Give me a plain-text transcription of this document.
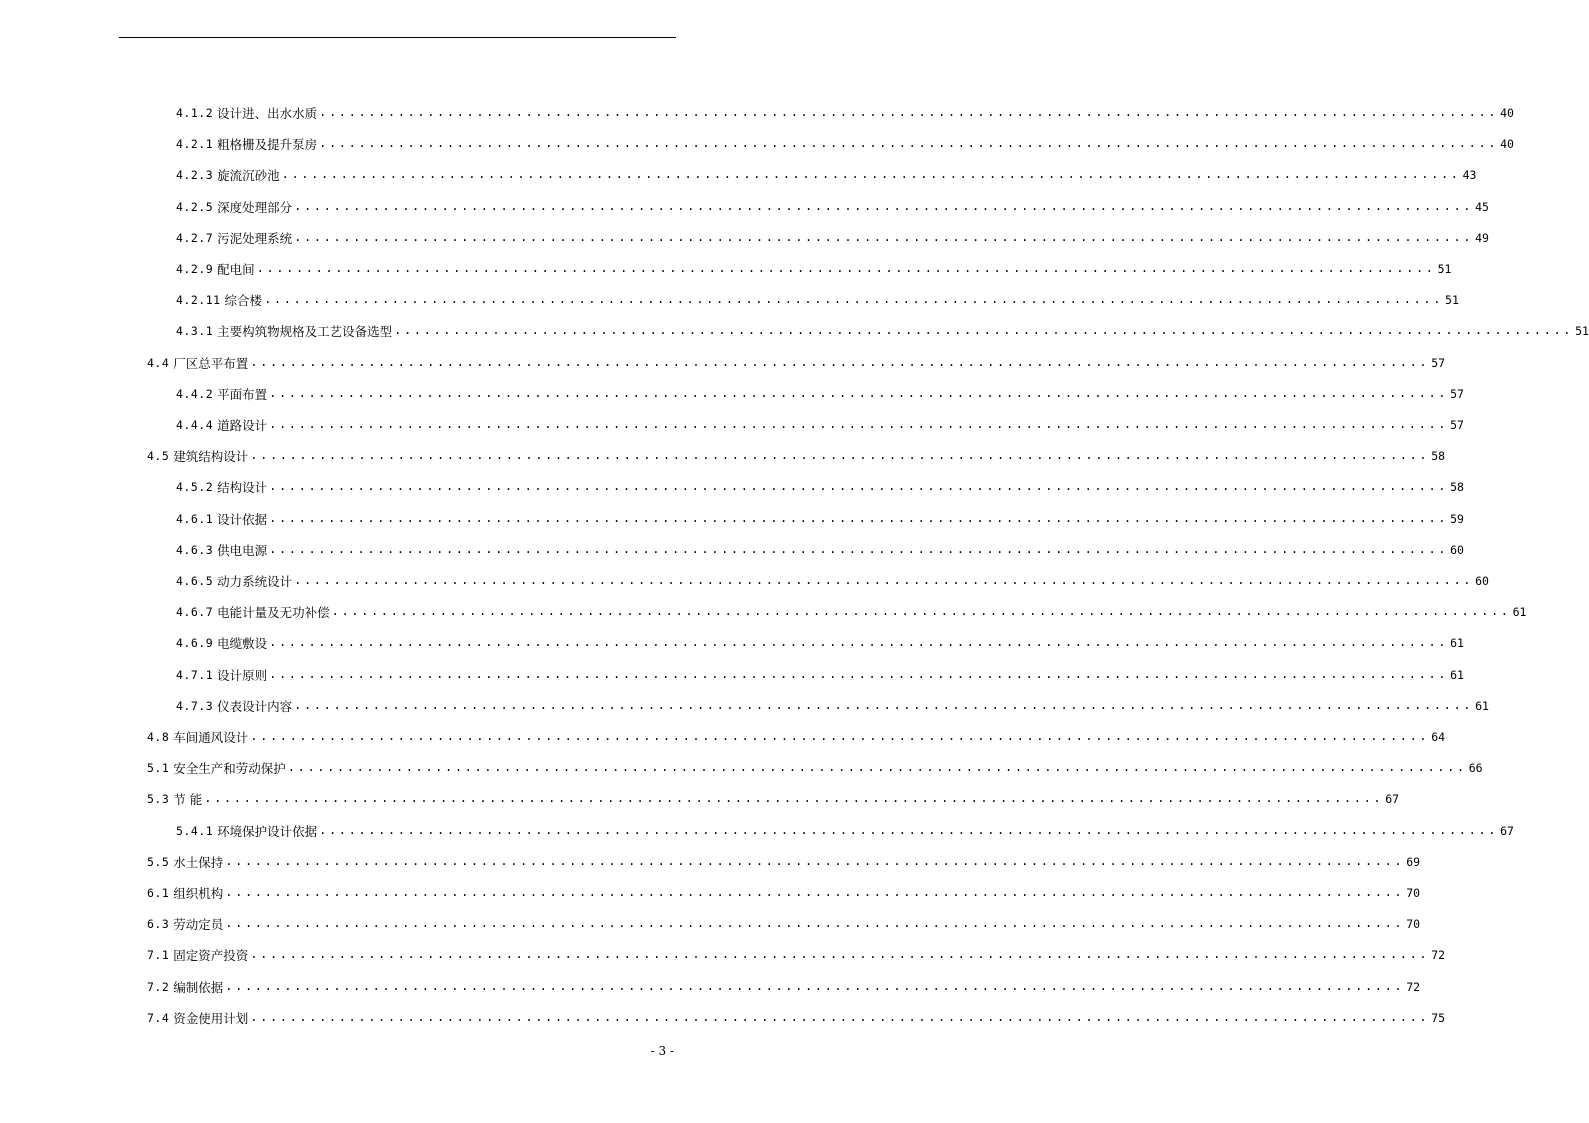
4.1.2 设计进、出水水质 ........................................................................................................................ 40
4.2.1 粗格栅及提升泵房 ........................................................................................................................ 40
4.2.3 旋流沉砂池 ........................................................................................................................ 43
4.2.5 深度处理部分 ........................................................................................................................ 45
4.2.7 污泥处理系统 ........................................................................................................................ 49
4.2.9 配电间 ........................................................................................................................ 51
4.2.11 综合楼 ........................................................................................................................ 51
4.3.1 主要构筑物规格及工艺设备选型 ........................................................................................................................ 51
4.4 厂区总平布置 ........................................................................................................................ 57
4.4.2 平面布置 ........................................................................................................................ 57
4.4.4 道路设计 ........................................................................................................................ 57
4.5 建筑结构设计 ........................................................................................................................ 58
4.5.2 结构设计 ........................................................................................................................ 58
4.6.1 设计依据 ........................................................................................................................ 59
4.6.3 供电电源 ........................................................................................................................ 60
4.6.5 动力系统设计 ........................................................................................................................ 60
4.6.7 电能计量及无功补偿 ........................................................................................................................ 61
4.6.9 电缆敷设 ........................................................................................................................ 61
4.7.1 设计原则 ........................................................................................................................ 61
4.7.3 仪表设计内容 ........................................................................................................................ 61
4.8 车间通风设计 ........................................................................................................................ 64
5.1 安全生产和劳动保护 ........................................................................................................................ 66
5.3 节 能 ........................................................................................................................ 67
5.4.1 环境保护设计依据 ........................................................................................................................ 67
5.5 水土保持 ........................................................................................................................ 69
6.1 组织机构 ........................................................................................................................ 70
6.3 劳动定员 ........................................................................................................................ 70
7.1 固定资产投资 ........................................................................................................................ 72
7.2 编制依据 ........................................................................................................................ 72
7.4 资金使用计划 ........................................................................................................................ 75
- 3 -
